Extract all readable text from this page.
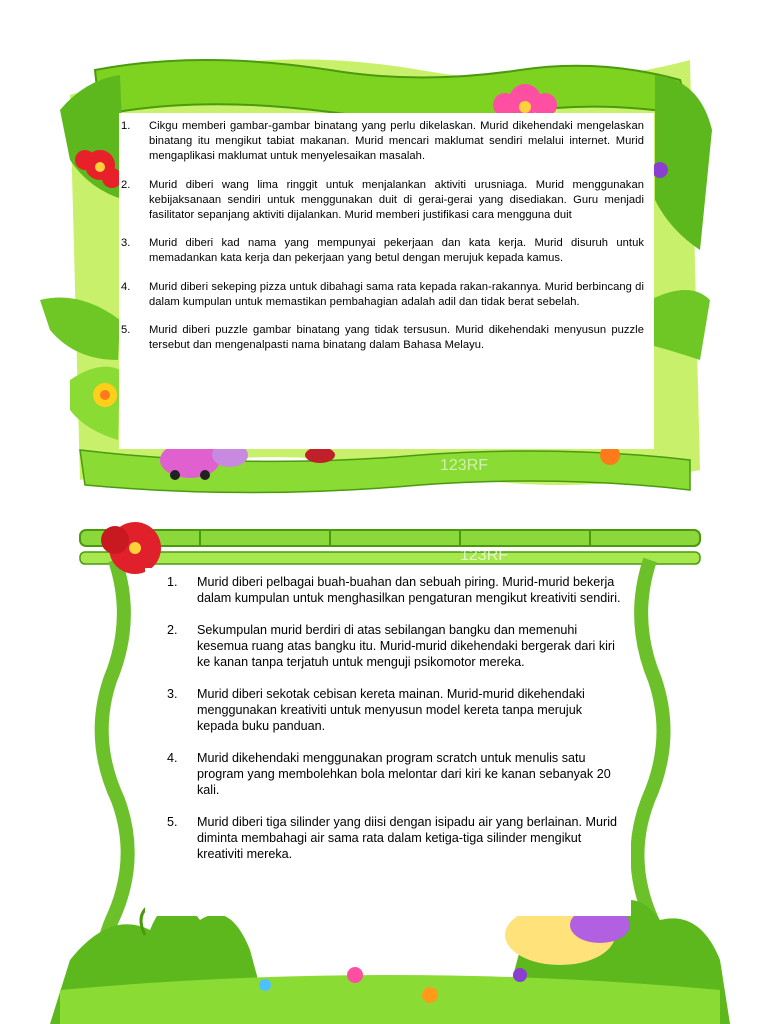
123RF
123RF
1. Cikgu memberi gambar-gambar binatang yang perlu dikelaskan. Murid dikehendaki mengelaskan binatang itu mengikut tabiat makanan. Murid mencari maklumat sendiri melalui internet. Murid mengaplikasi maklumat untuk menyelesaikan masalah.
2. Murid diberi wang lima ringgit untuk menjalankan aktiviti urusniaga. Murid menggunakan kebijaksanaan sendiri untuk menggunakan duit di gerai-gerai yang disediakan. Guru menjadi fasilitator sepanjang aktiviti dijalankan. Murid memberi justifikasi cara mengguna duit
3. Murid diberi kad nama yang mempunyai pekerjaan dan kata kerja. Murid disuruh untuk memadankan kata kerja dan pekerjaan yang betul dengan merujuk kepada kamus.
4. Murid diberi sekeping pizza untuk dibahagi sama rata kepada rakan-rakannya. Murid berbincang di dalam kumpulan untuk memastikan pembahagian adalah adil dan tidak berat sebelah.
5. Murid diberi puzzle gambar binatang yang tidak tersusun. Murid dikehendaki menyusun puzzle tersebut dan mengenalpasti nama binatang dalam Bahasa Melayu.
1. Murid diberi pelbagai buah-buahan dan sebuah piring. Murid-murid bekerja dalam kumpulan untuk menghasilkan pengaturan mengikut kreativiti sendiri.
2. Sekumpulan murid berdiri di atas sebilangan bangku dan memenuhi kesemua ruang atas bangku itu. Murid-murid dikehendaki bergerak dari kiri ke kanan tanpa terjatuh untuk menguji psikomotor mereka.
3. Murid diberi sekotak cebisan kereta mainan. Murid-murid dikehendaki menggunakan kreativiti untuk menyusun model kereta tanpa merujuk kepada buku panduan.
4. Murid dikehendaki menggunakan program scratch untuk menulis satu program yang membolehkan bola melontar dari kiri ke kanan sebanyak 20 kali.
5. Murid diberi tiga silinder yang diisi dengan isipadu air yang berlainan. Murid diminta membahagi air sama rata dalam ketiga-tiga silinder mengikut kreativiti mereka.
